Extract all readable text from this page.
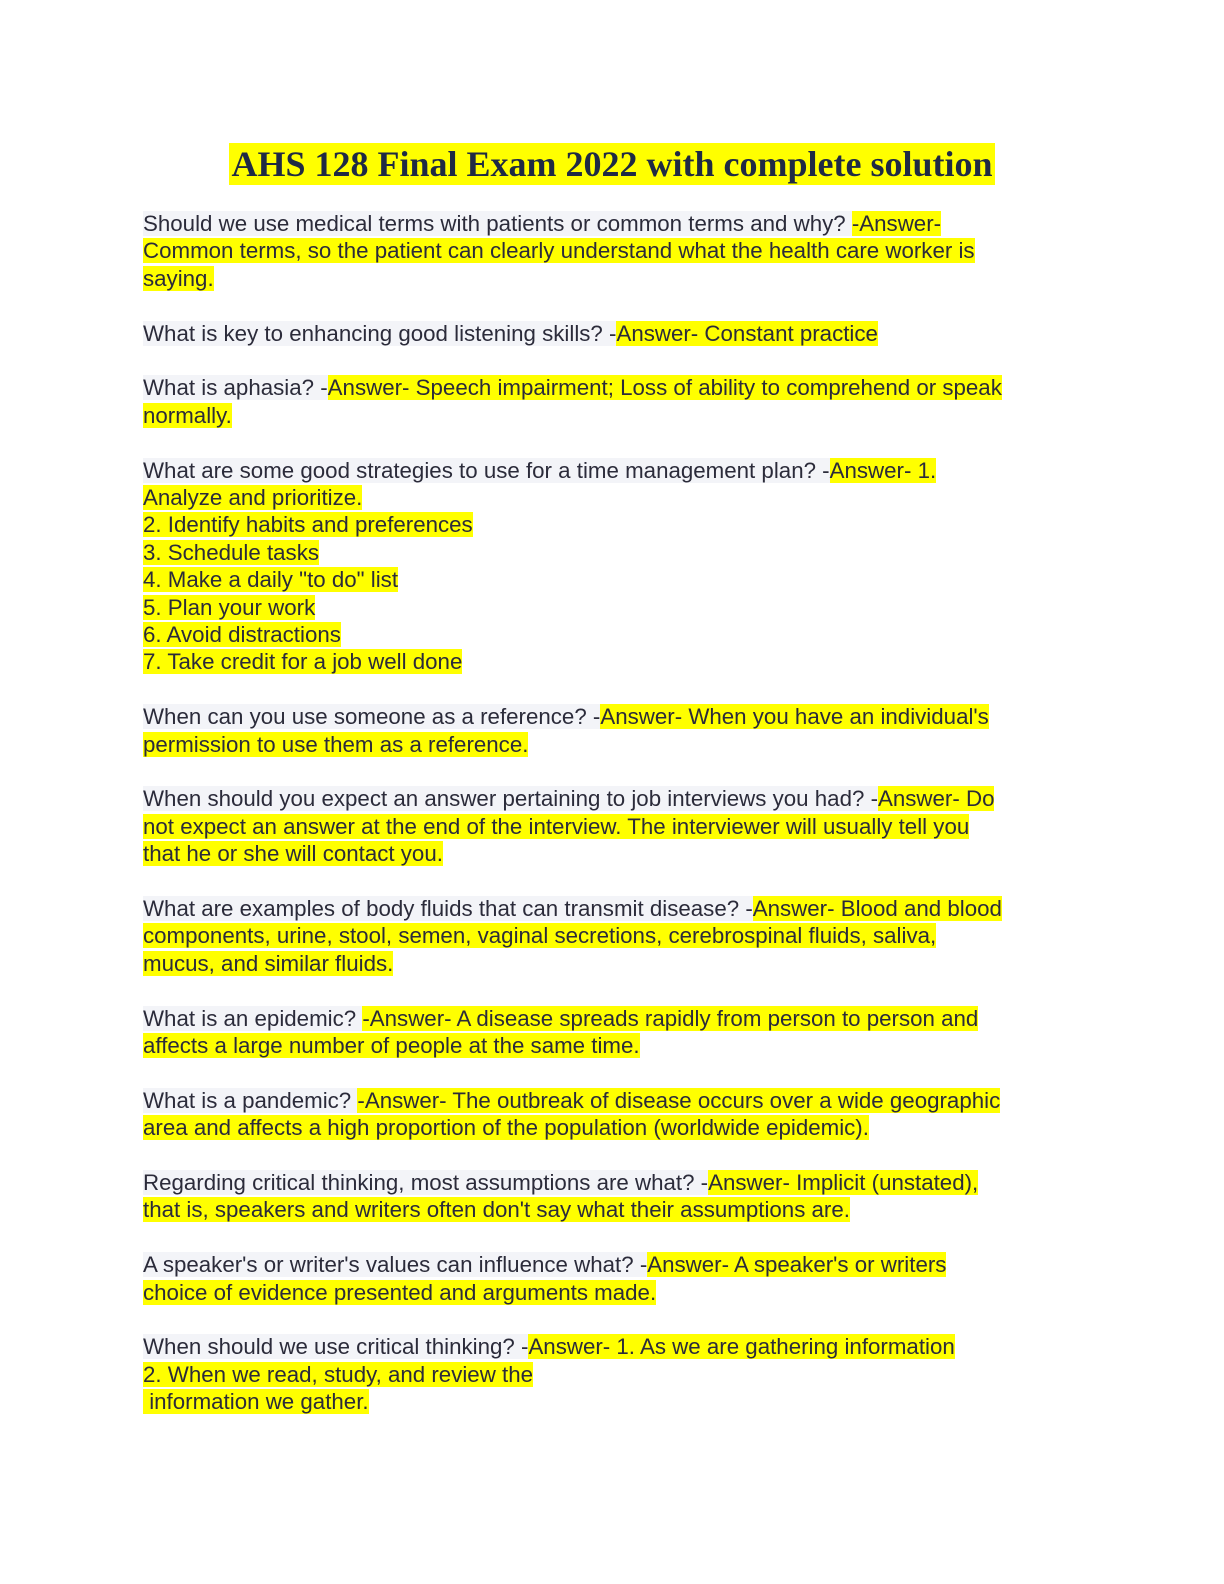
AHS 128 Final Exam 2022 with complete solution
Should we use medical terms with patients or common terms and why? -Answer-
Common terms, so the patient can clearly understand what the health care worker is
saying.
What is key to enhancing good listening skills? -Answer- Constant practice
What is aphasia? -Answer- Speech impairment; Loss of ability to comprehend or speak
normally.
What are some good strategies to use for a time management plan? -Answer- 1.
Analyze and prioritize.
2. Identify habits and preferences
3. Schedule tasks
4. Make a daily "to do" list
5. Plan your work
6. Avoid distractions
7. Take credit for a job well done
When can you use someone as a reference? -Answer- When you have an individual's
permission to use them as a reference.
When should you expect an answer pertaining to job interviews you had? -Answer- Do
not expect an answer at the end of the interview. The interviewer will usually tell you
that he or she will contact you.
What are examples of body fluids that can transmit disease? -Answer- Blood and blood
components, urine, stool, semen, vaginal secretions, cerebrospinal fluids, saliva,
mucus, and similar fluids.
What is an epidemic? -Answer- A disease spreads rapidly from person to person and
affects a large number of people at the same time.
What is a pandemic? -Answer- The outbreak of disease occurs over a wide geographic
area and affects a high proportion of the population (worldwide epidemic).
Regarding critical thinking, most assumptions are what? -Answer- Implicit (unstated),
that is, speakers and writers often don't say what their assumptions are.
A speaker's or writer's values can influence what? -Answer- A speaker's or writers
choice of evidence presented and arguments made.
When should we use critical thinking? -Answer- 1. As we are gathering information
2. When we read, study, and review the
information we gather.
